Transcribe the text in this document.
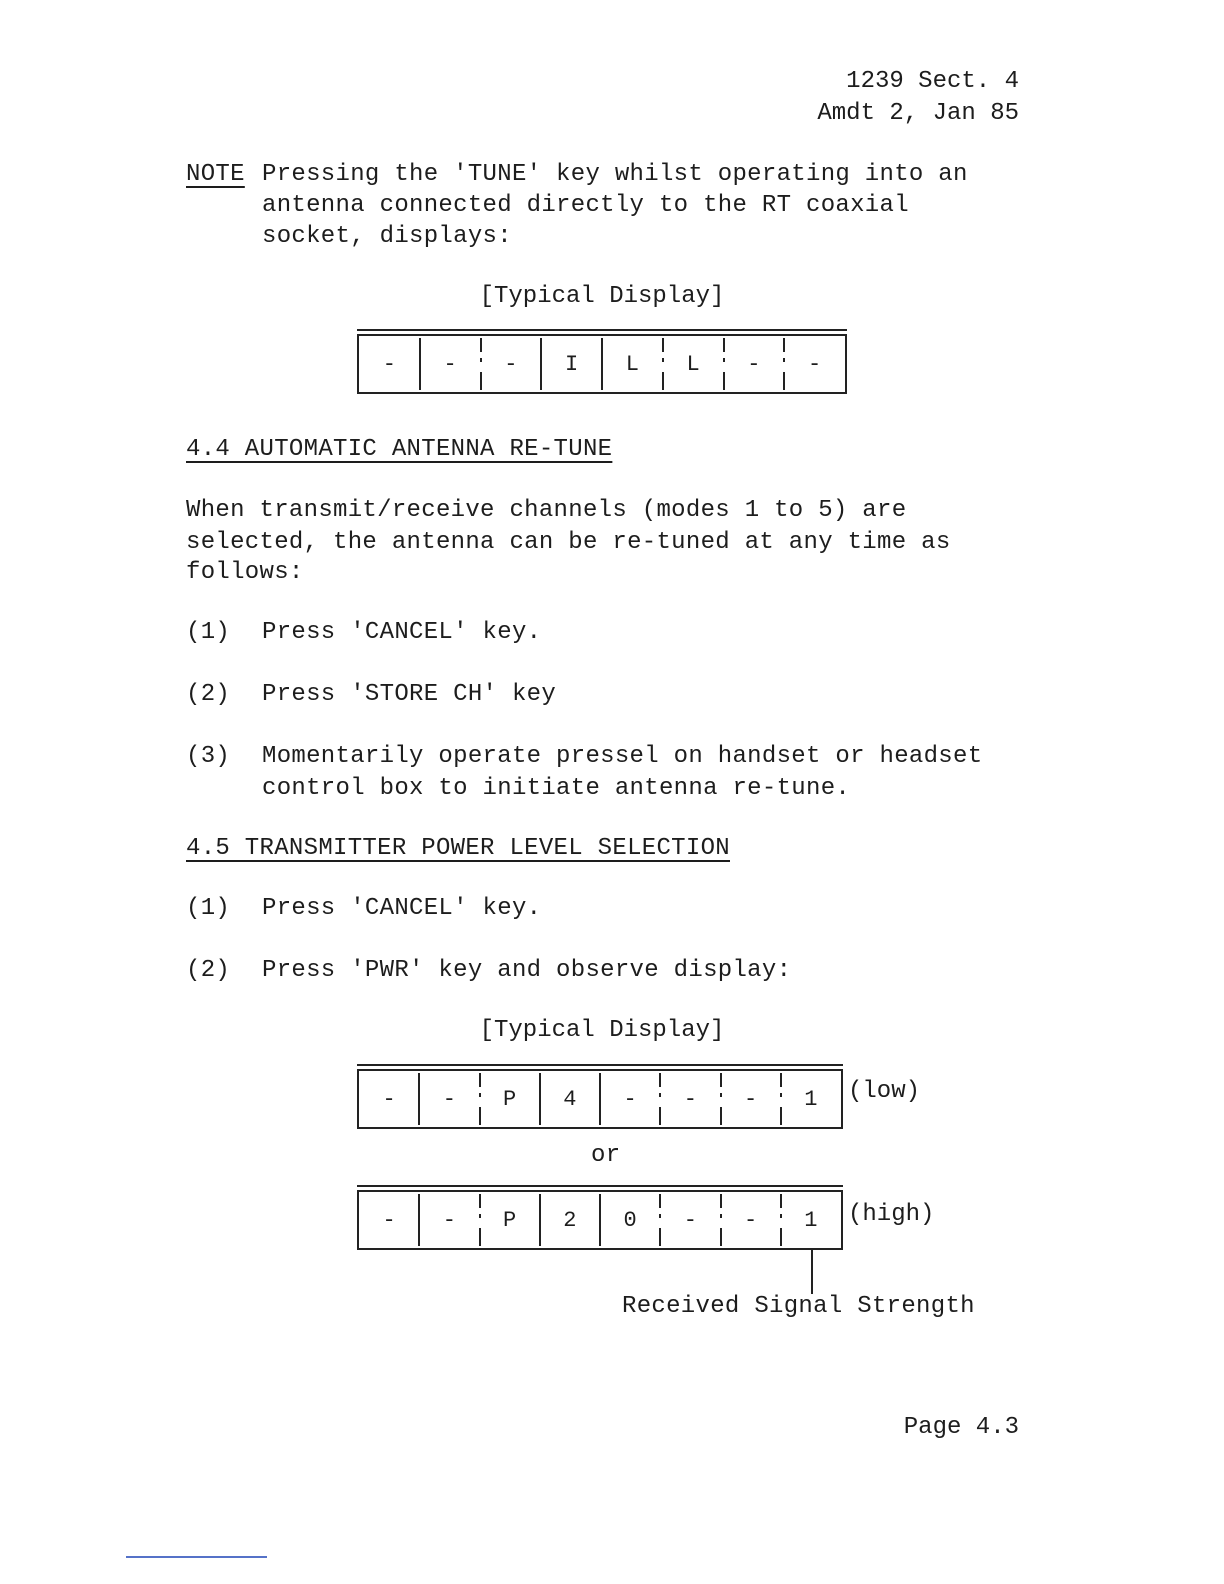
1239 Sect. 4
Amdt 2, Jan 85
NOTE Pressing the 'TUNE' key whilst operating into an
antenna connected directly to the RT coaxial
socket, displays:
[Typical Display]
-	-	-	I	L	L	-	-
4.4 AUTOMATIC ANTENNA RE-TUNE
When transmit/receive channels (modes 1 to 5) are
selected, the antenna can be re-tuned at any time as
follows:
(1) Press 'CANCEL' key.
(2) Press 'STORE CH' key
(3) Momentarily operate pressel on handset or headset
control box to initiate antenna re-tune.
4.5 TRANSMITTER POWER LEVEL SELECTION
(1) Press 'CANCEL' key.
(2) Press 'PWR' key and observe display:
[Typical Display]
-	-	P	4	-	-	-	1	(low)
or
-	-	P	2	0	-	-	1	(high)
Received Signal Strength
Page 4.3
